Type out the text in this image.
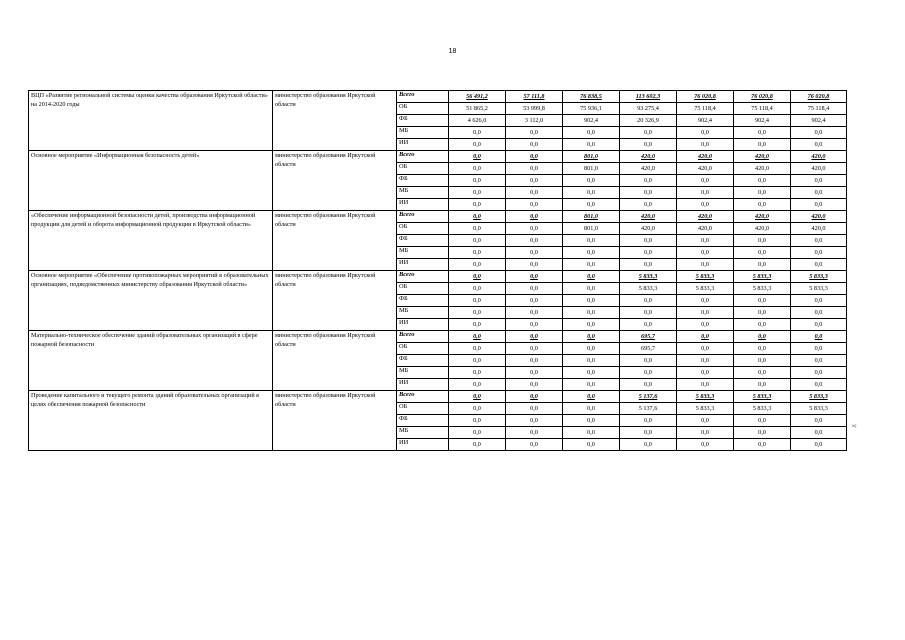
18
ВЦП «Развитие региональной системы оценки качества образования Иркутской области» на 2014-2020 годы	министерство образования Иркутской области	Всего	56 491,2	57 111,8	76 838,5	113 602,3	76 020,8	76 020,8	76 020,8
		ОБ	51 865,2	53 999,8	75 936,1	93 275,4	75 118,4	75 118,4	75 118,4
		ФБ	4 626,0	3 112,0	902,4	20 326,9	902,4	902,4	902,4
		МБ	0,0	0,0	0,0	0,0	0,0	0,0	0,0
		ИИ	0,0	0,0	0,0	0,0	0,0	0,0	0,0
Основное мероприятие «Информационная безопасность детей»	министерство образования Иркутской области	Всего	0,0	0,0	801,0	420,0	420,0	420,0	420,0
		ОБ	0,0	0,0	801,0	420,0	420,0	420,0	420,0
		ФБ	0,0	0,0	0,0	0,0	0,0	0,0	0,0
		МБ	0,0	0,0	0,0	0,0	0,0	0,0	0,0
		ИИ	0,0	0,0	0,0	0,0	0,0	0,0	0,0
«Обеспечение информационной безопасности детей, производства информационной продукции для детей и оборота информационной продукции в Иркутской области»	министерство образования Иркутской области	Всего	0,0	0,0	801,0	420,0	420,0	420,0	420,0
		ОБ	0,0	0,0	801,0	420,0	420,0	420,0	420,0
		ФБ	0,0	0,0	0,0	0,0	0,0	0,0	0,0
		МБ	0,0	0,0	0,0	0,0	0,0	0,0	0,0
		ИИ	0,0	0,0	0,0	0,0	0,0	0,0	0,0
Основное мероприятие «Обеспечение противопожарных мероприятий в образовательных организациях, подведомственных министерству образования Иркутской области»	министерство образования Иркутской области	Всего	0,0	0,0	0,0	5 833,3	5 833,3	5 833,3	5 833,3
		ОБ	0,0	0,0	0,0	5 833,3	5 833,3	5 833,3	5 833,3
		ФБ	0,0	0,0	0,0	0,0	0,0	0,0	0,0
		МБ	0,0	0,0	0,0	0,0	0,0	0,0	0,0
		ИИ	0,0	0,0	0,0	0,0	0,0	0,0	0,0
Материально-техническое обеспечение зданий образовательных организаций в сфере пожарной безопасности	министерство образования Иркутской области	Всего	0,0	0,0	0,0	695,7	0,0	0,0	0,0
		ОБ	0,0	0,0	0,0	695,7	0,0	0,0	0,0
		ФБ	0,0	0,0	0,0	0,0	0,0	0,0	0,0
		МБ	0,0	0,0	0,0	0,0	0,0	0,0	0,0
		ИИ	0,0	0,0	0,0	0,0	0,0	0,0	0,0
Проведение капитального и текущего ремонта зданий образовательных организаций в целях обеспечения пожарной безопасности	министерство образования Иркутской области	Всего	0,0	0,0	0,0	5 137,6	5 833,3	5 833,3	5 833,3
		ОБ	0,0	0,0	0,0	5 137,6	5 833,3	5 833,3	5 833,3
		ФБ	0,0	0,0	0,0	0,0	0,0	0,0	0,0
		МБ	0,0	0,0	0,0	0,0	0,0	0,0	0,0
		ИИ	0,0	0,0	0,0	0,0	0,0	0,0	0,0
»;
